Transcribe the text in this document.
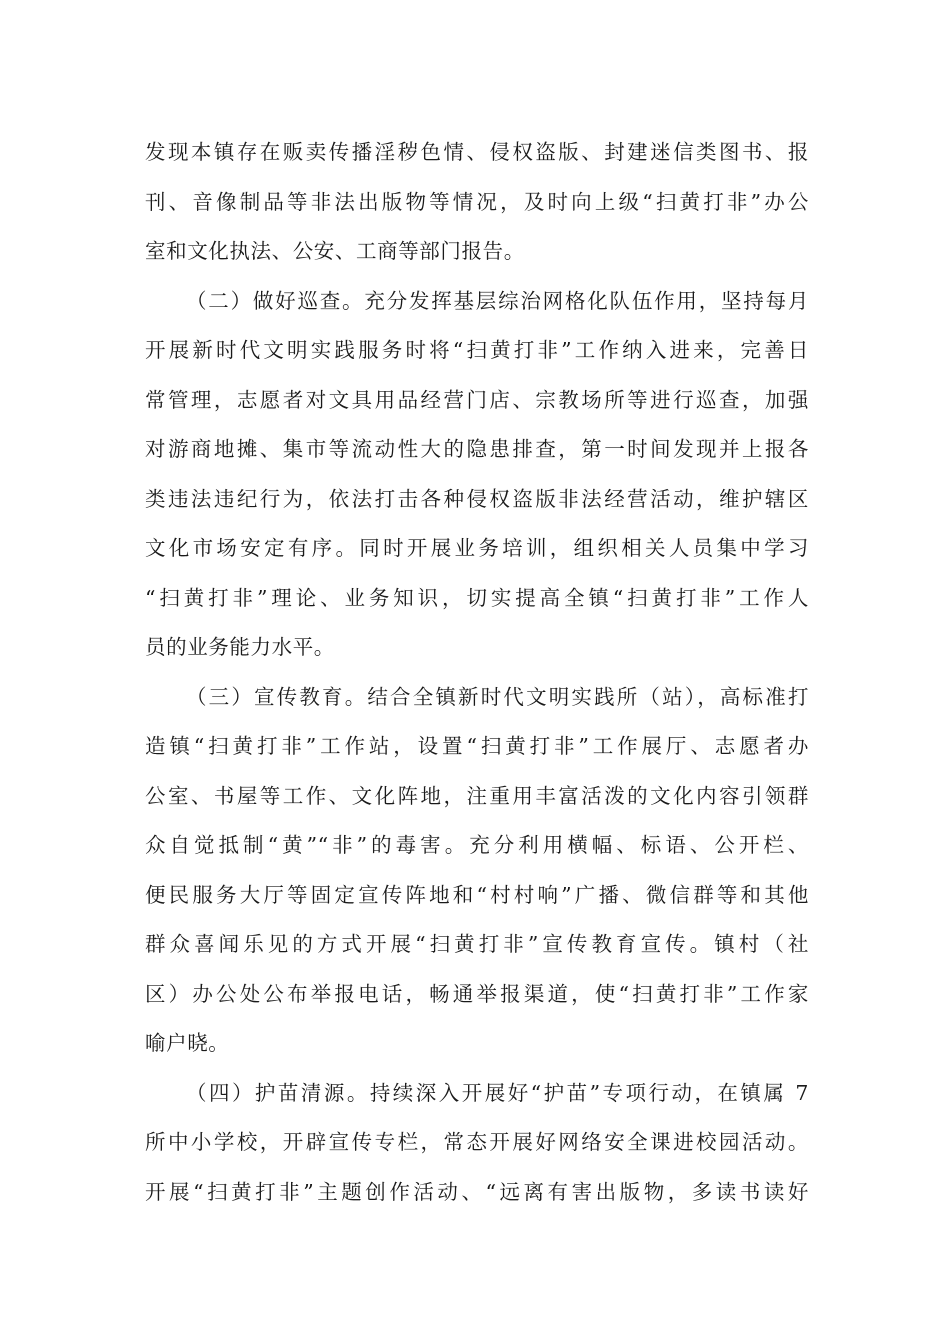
发现本镇存在贩卖传播淫秽色情、侵权盗版、封建迷信类图书、报
刊、音像制品等非法出版物等情况，及时向上级“扫黄打非”办公
室和文化执法、公安、工商等部门报告。
（二）做好巡查。充分发挥基层综治网格化队伍作用，坚持每月
开展新时代文明实践服务时将“扫黄打非”工作纳入进来，完善日
常管理，志愿者对文具用品经营门店、宗教场所等进行巡查，加强
对游商地摊、集市等流动性大的隐患排查，第一时间发现并上报各
类违法违纪行为，依法打击各种侵权盗版非法经营活动，维护辖区
文化市场安定有序。同时开展业务培训，组织相关人员集中学习
“扫黄打非”理论、业务知识，切实提高全镇“扫黄打非”工作人
员的业务能力水平。
（三）宣传教育。结合全镇新时代文明实践所（站），高标准打
造镇“扫黄打非”工作站，设置“扫黄打非”工作展厅、志愿者办
公室、书屋等工作、文化阵地，注重用丰富活泼的文化内容引领群
众自觉抵制“黄”“非”的毒害。充分利用横幅、标语、公开栏、
便民服务大厅等固定宣传阵地和“村村响”广播、微信群等和其他
群众喜闻乐见的方式开展“扫黄打非”宣传教育宣传。镇村（社
区）办公处公布举报电话，畅通举报渠道，使“扫黄打非”工作家
喻户晓。
（四）护苗清源。持续深入开展好“护苗”专项行动，在镇属 7
所中小学校，开辟宣传专栏，常态开展好网络安全课进校园活动。
开展“扫黄打非”主题创作活动、“远离有害出版物，多读书读好
